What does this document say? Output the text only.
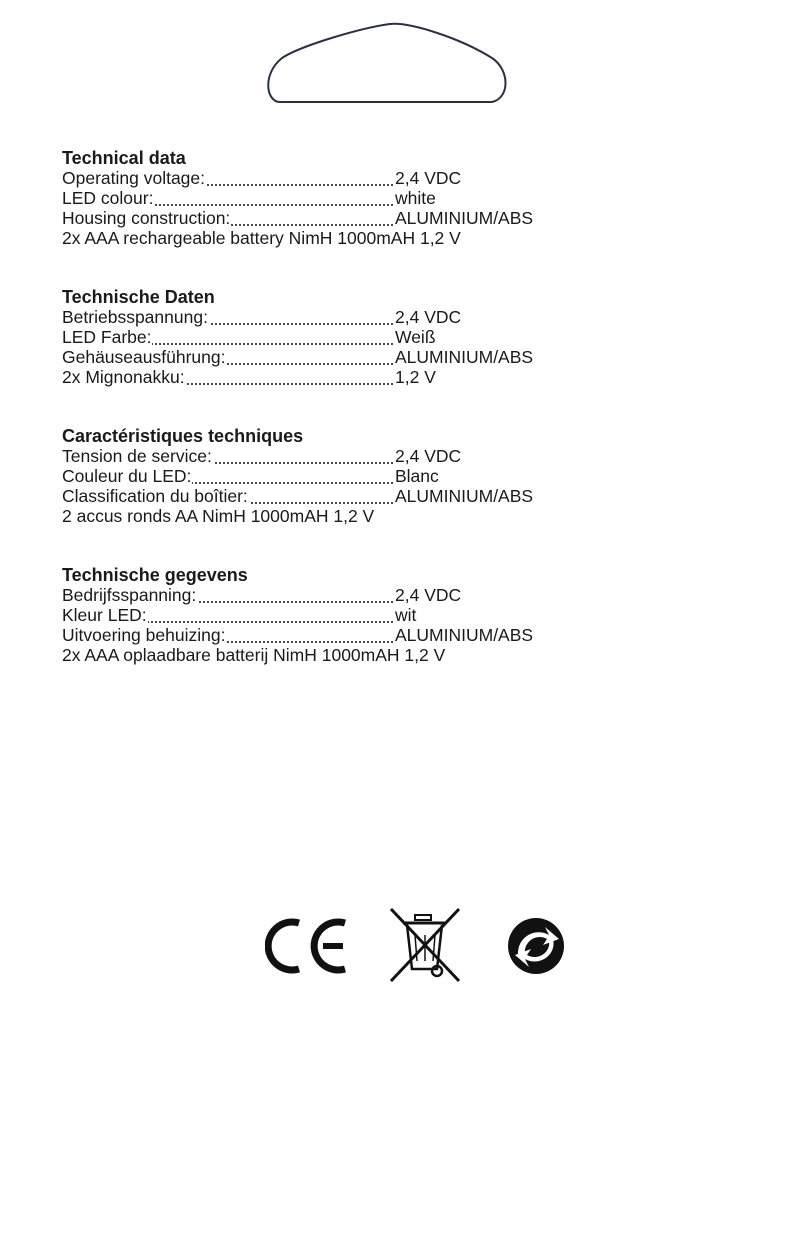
Technical data
Operating voltage:	2,4 VDC
LED colour:	white
Housing construction:	ALUMINIUM/ABS
2x AAA rechargeable battery NimH 1000mAH 1,2 V
Technische Daten
Betriebsspannung:	2,4 VDC
LED Farbe:	Weiß
Gehäuseausführung:	ALUMINIUM/ABS
2x Mignonakku:	1,2 V
Caractéristiques techniques
Tension de service:	2,4 VDC
Couleur du LED:	Blanc
Classification du boîtier:	ALUMINIUM/ABS
2 accus ronds AA NimH 1000mAH 1,2 V
Technische gegevens
Bedrijfsspanning:	2,4 VDC
Kleur LED:	wit
Uitvoering behuizing:	ALUMINIUM/ABS
2x AAA oplaadbare batterij NimH 1000mAH 1,2 V
